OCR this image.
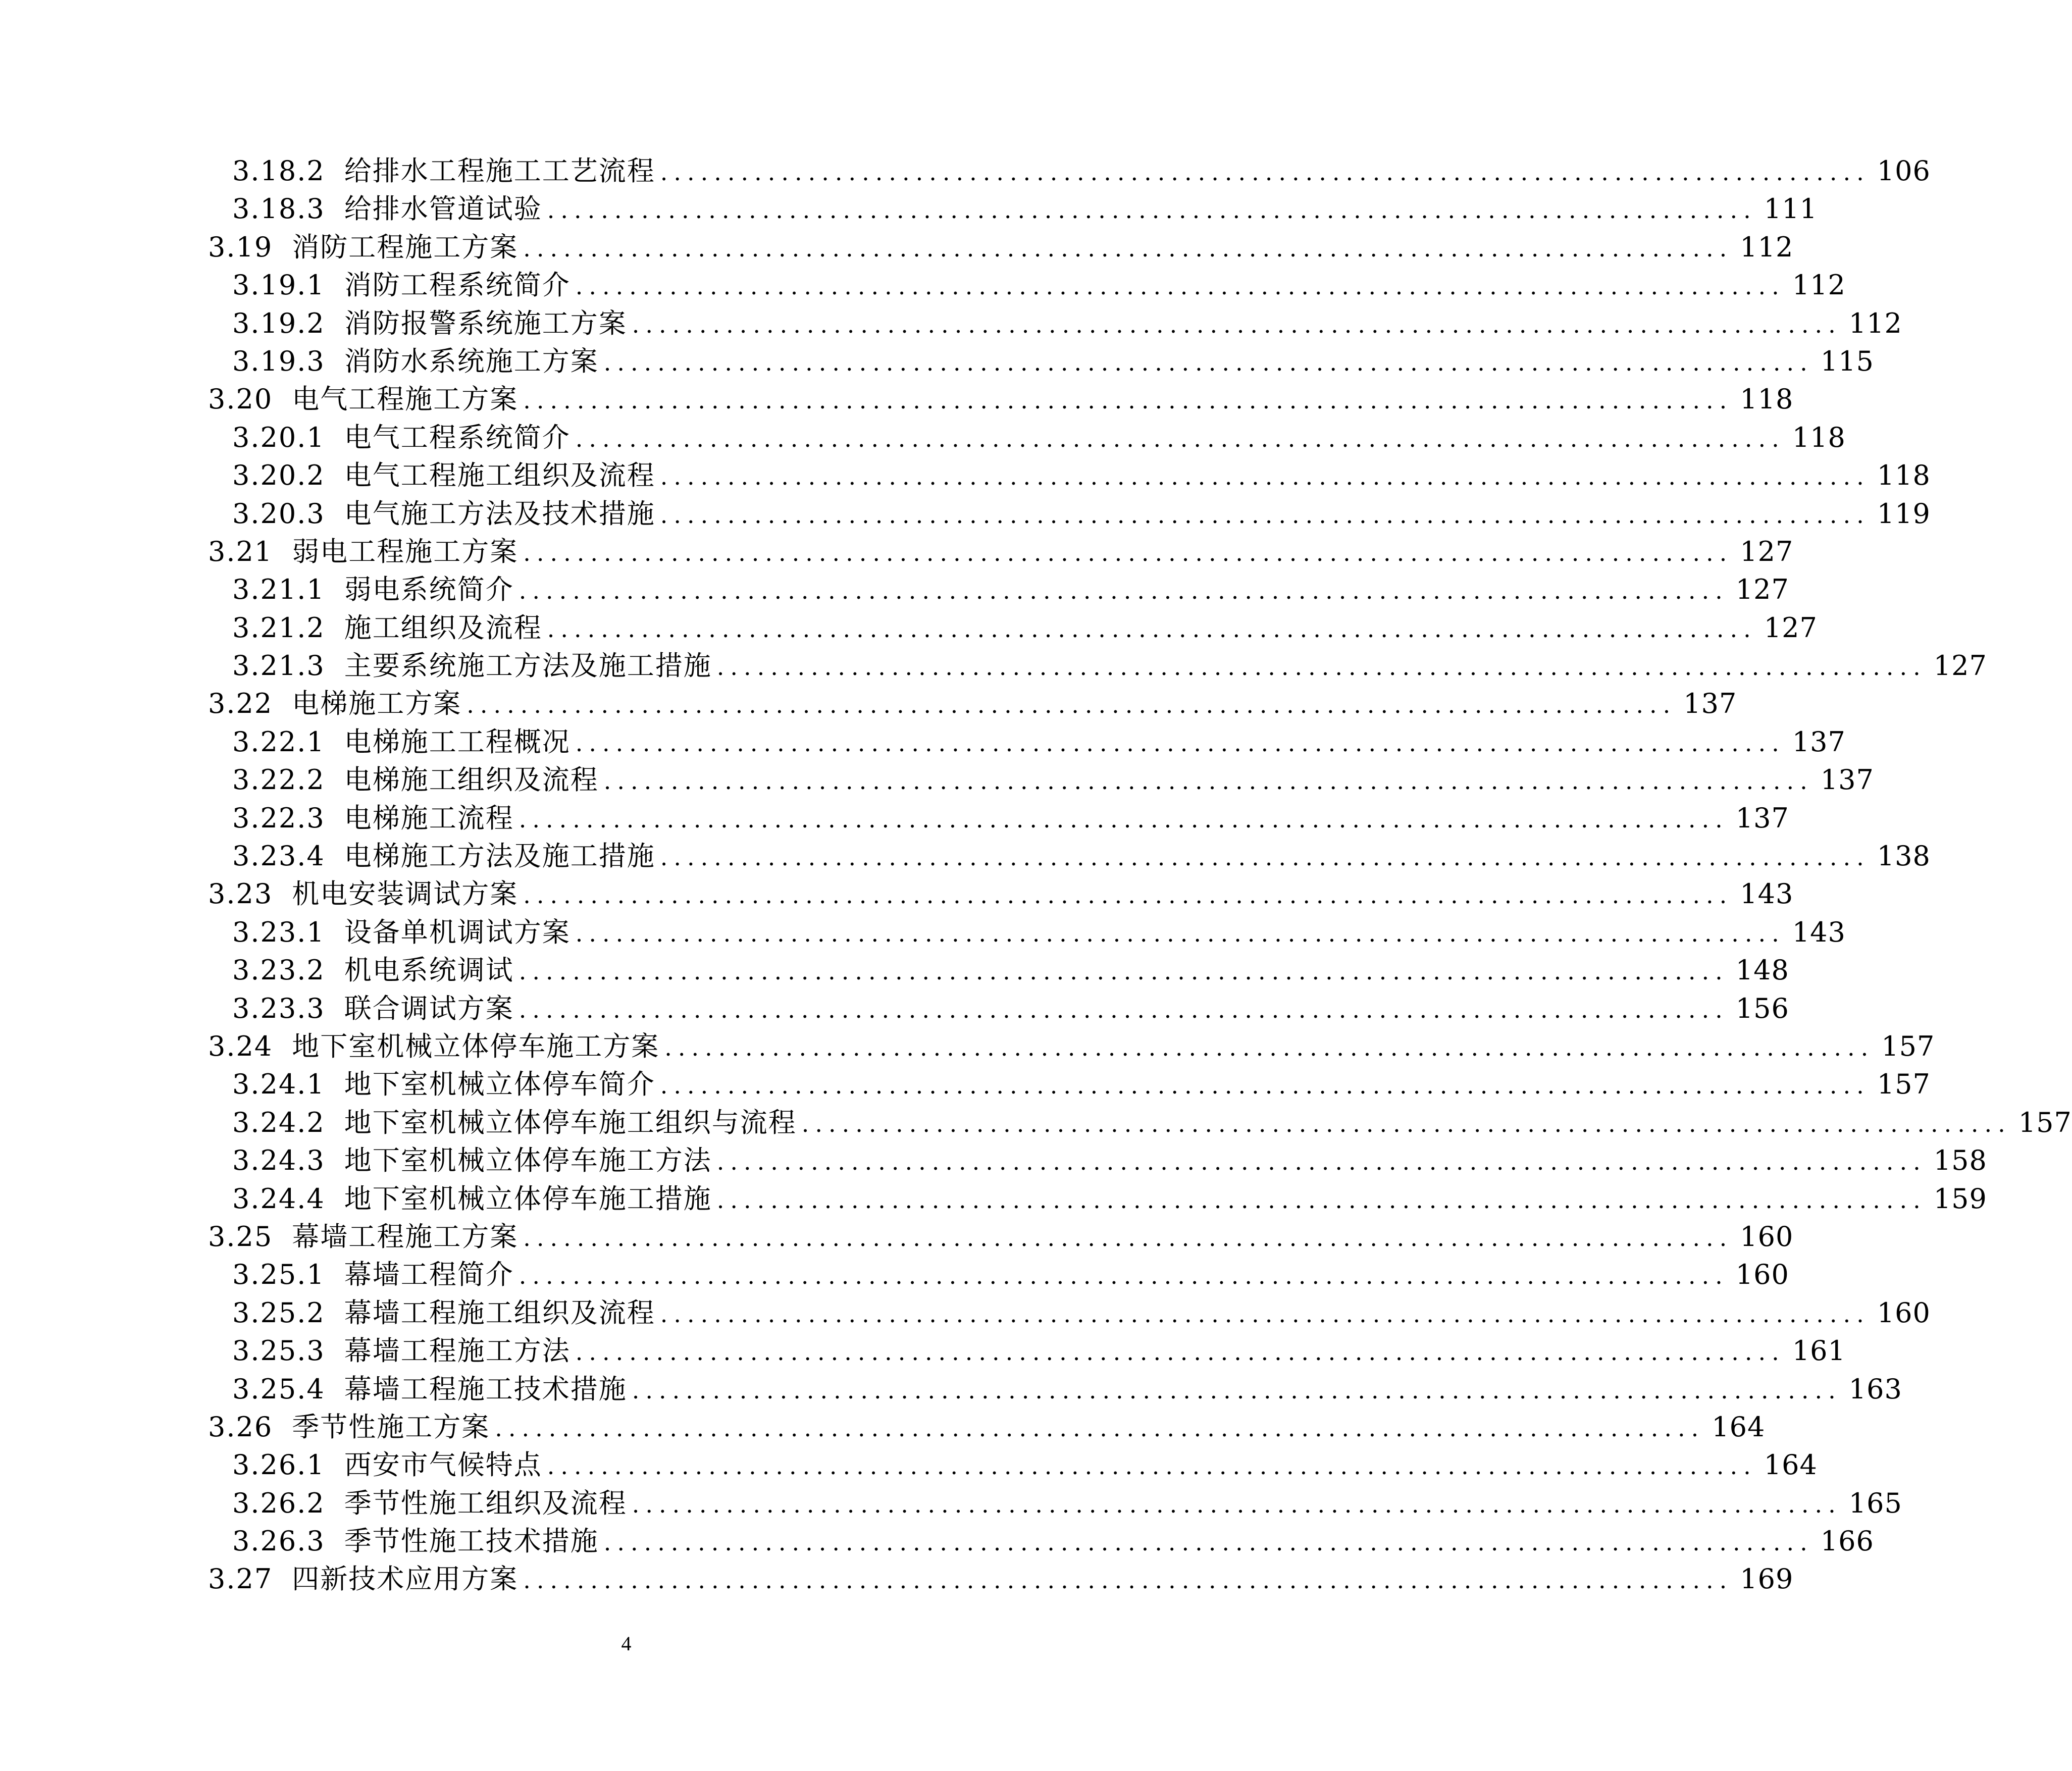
3.18.2 给排水工程施工工艺流程 .......................................................................................... 106
3.18.3 给排水管道试验 .......................................................................................... 111
3.19 消防工程施工方案 .......................................................................................... 112
3.19.1 消防工程系统简介 .......................................................................................... 112
3.19.2 消防报警系统施工方案 .......................................................................................... 112
3.19.3 消防水系统施工方案 .......................................................................................... 115
3.20 电气工程施工方案 .......................................................................................... 118
3.20.1 电气工程系统简介 .......................................................................................... 118
3.20.2 电气工程施工组织及流程 .......................................................................................... 118
3.20.3 电气施工方法及技术措施 .......................................................................................... 119
3.21 弱电工程施工方案 .......................................................................................... 127
3.21.1 弱电系统简介 .......................................................................................... 127
3.21.2 施工组织及流程 .......................................................................................... 127
3.21.3 主要系统施工方法及施工措施 .......................................................................................... 127
3.22 电梯施工方案 .......................................................................................... 137
3.22.1 电梯施工工程概况 .......................................................................................... 137
3.22.2 电梯施工组织及流程 .......................................................................................... 137
3.22.3 电梯施工流程 .......................................................................................... 137
3.23.4 电梯施工方法及施工措施 .......................................................................................... 138
3.23 机电安装调试方案 .......................................................................................... 143
3.23.1 设备单机调试方案 .......................................................................................... 143
3.23.2 机电系统调试 .......................................................................................... 148
3.23.3 联合调试方案 .......................................................................................... 156
3.24 地下室机械立体停车施工方案 .......................................................................................... 157
3.24.1 地下室机械立体停车简介 .......................................................................................... 157
3.24.2 地下室机械立体停车施工组织与流程 .......................................................................................... 157
3.24.3 地下室机械立体停车施工方法 .......................................................................................... 158
3.24.4 地下室机械立体停车施工措施 .......................................................................................... 159
3.25 幕墙工程施工方案 .......................................................................................... 160
3.25.1 幕墙工程简介 .......................................................................................... 160
3.25.2 幕墙工程施工组织及流程 .......................................................................................... 160
3.25.3 幕墙工程施工方法 .......................................................................................... 161
3.25.4 幕墙工程施工技术措施 .......................................................................................... 163
3.26 季节性施工方案 .......................................................................................... 164
3.26.1 西安市气候特点 .......................................................................................... 164
3.26.2 季节性施工组织及流程 .......................................................................................... 165
3.26.3 季节性施工技术措施 .......................................................................................... 166
3.27 四新技术应用方案 .......................................................................................... 169
4
